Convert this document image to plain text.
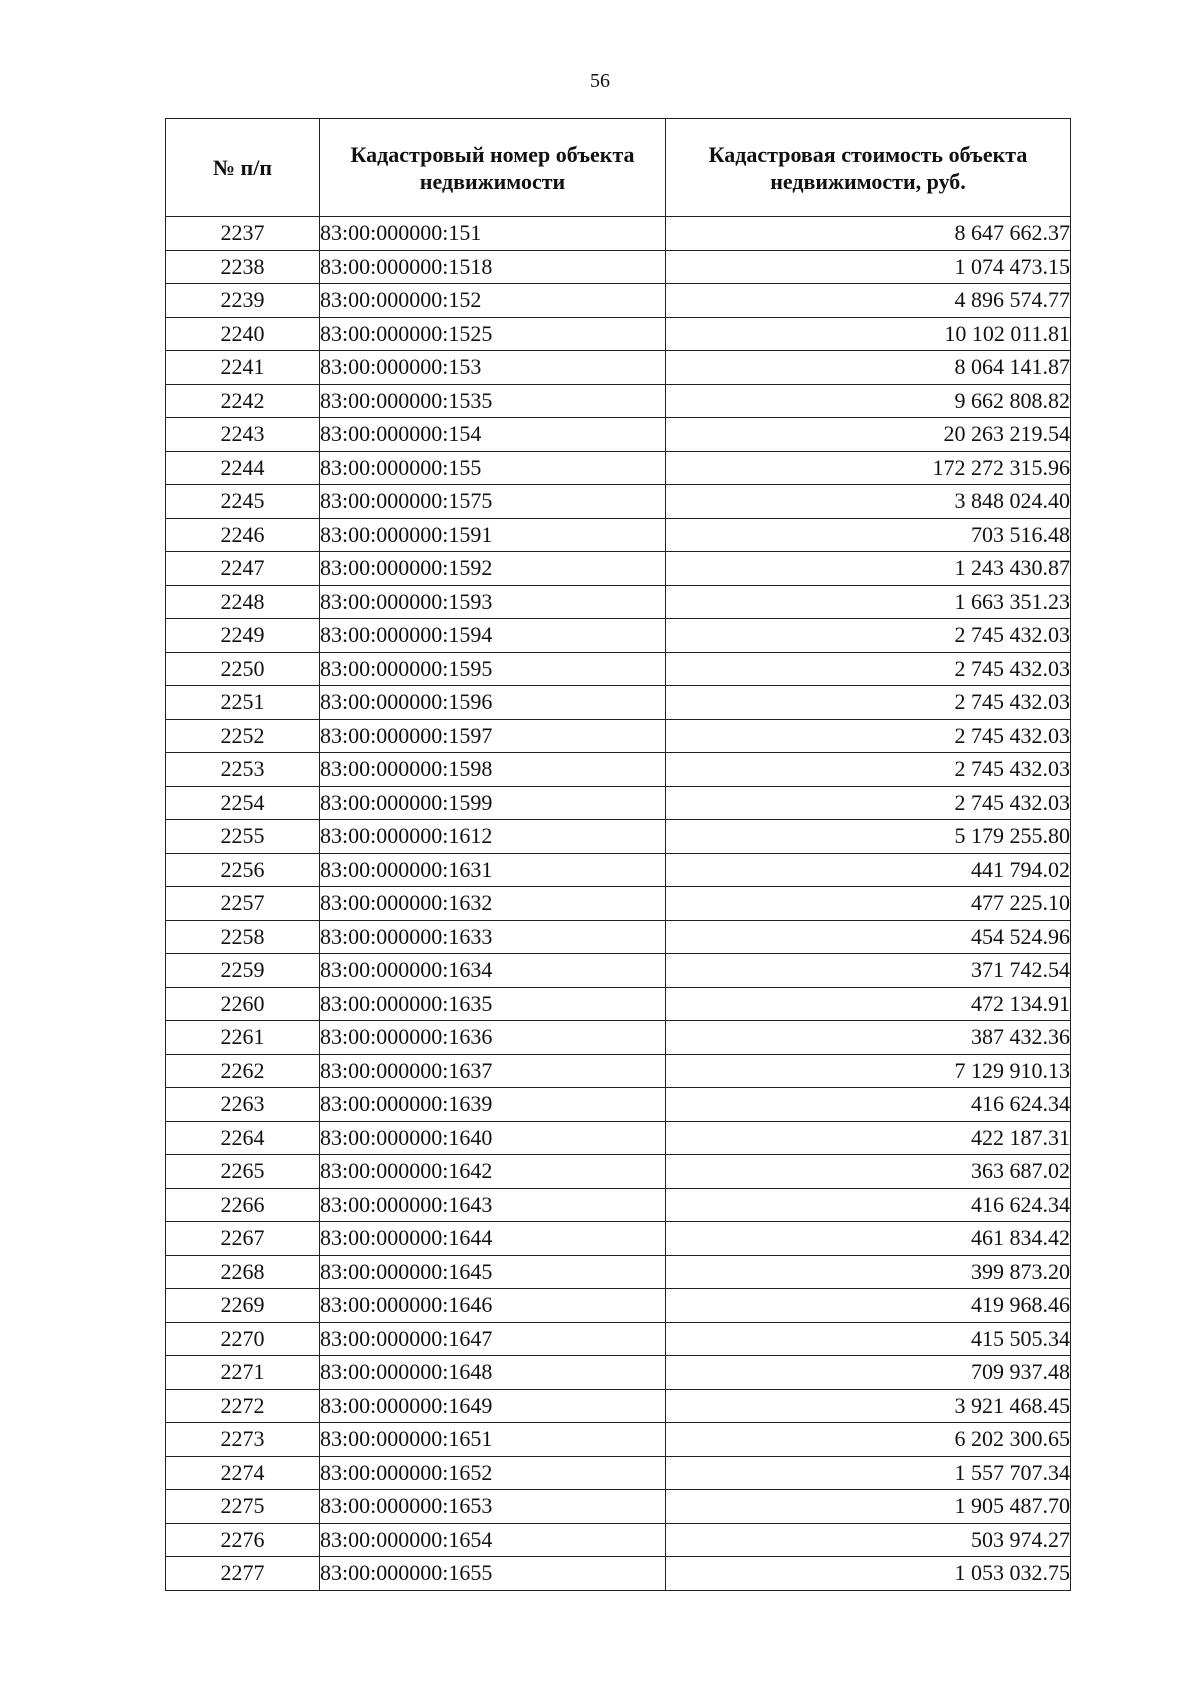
56
№ п/п	Кадастровый номер объекта недвижимости	Кадастровая стоимость объекта недвижимости, руб.
2237	83:00:000000:151	8 647 662.37
2238	83:00:000000:1518	1 074 473.15
2239	83:00:000000:152	4 896 574.77
2240	83:00:000000:1525	10 102 011.81
2241	83:00:000000:153	8 064 141.87
2242	83:00:000000:1535	9 662 808.82
2243	83:00:000000:154	20 263 219.54
2244	83:00:000000:155	172 272 315.96
2245	83:00:000000:1575	3 848 024.40
2246	83:00:000000:1591	703 516.48
2247	83:00:000000:1592	1 243 430.87
2248	83:00:000000:1593	1 663 351.23
2249	83:00:000000:1594	2 745 432.03
2250	83:00:000000:1595	2 745 432.03
2251	83:00:000000:1596	2 745 432.03
2252	83:00:000000:1597	2 745 432.03
2253	83:00:000000:1598	2 745 432.03
2254	83:00:000000:1599	2 745 432.03
2255	83:00:000000:1612	5 179 255.80
2256	83:00:000000:1631	441 794.02
2257	83:00:000000:1632	477 225.10
2258	83:00:000000:1633	454 524.96
2259	83:00:000000:1634	371 742.54
2260	83:00:000000:1635	472 134.91
2261	83:00:000000:1636	387 432.36
2262	83:00:000000:1637	7 129 910.13
2263	83:00:000000:1639	416 624.34
2264	83:00:000000:1640	422 187.31
2265	83:00:000000:1642	363 687.02
2266	83:00:000000:1643	416 624.34
2267	83:00:000000:1644	461 834.42
2268	83:00:000000:1645	399 873.20
2269	83:00:000000:1646	419 968.46
2270	83:00:000000:1647	415 505.34
2271	83:00:000000:1648	709 937.48
2272	83:00:000000:1649	3 921 468.45
2273	83:00:000000:1651	6 202 300.65
2274	83:00:000000:1652	1 557 707.34
2275	83:00:000000:1653	1 905 487.70
2276	83:00:000000:1654	503 974.27
2277	83:00:000000:1655	1 053 032.75
